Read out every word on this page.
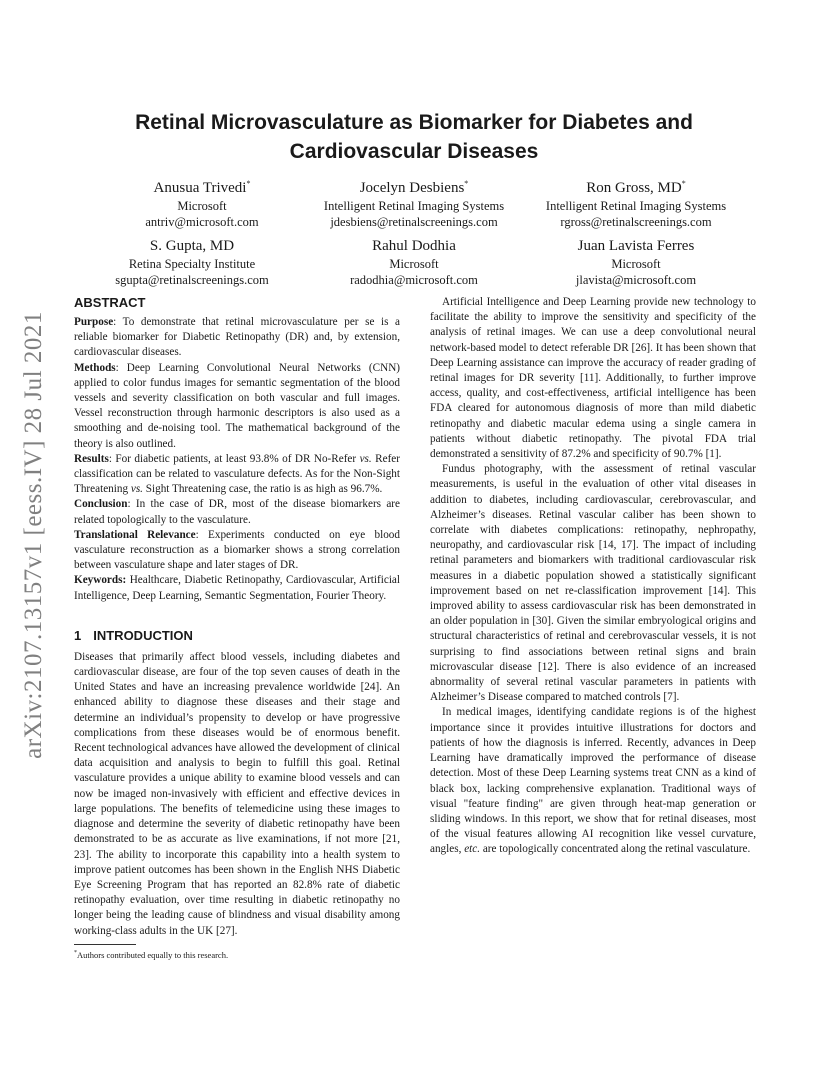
arXiv:2107.13157v1 [eess.IV] 28 Jul 2021
Retinal Microvasculature as Biomarker for Diabetes and
Cardiovascular Diseases
Anusua Trivedi*
Microsoft
antriv@microsoft.com
Jocelyn Desbiens*
Intelligent Retinal Imaging Systems
jdesbiens@retinalscreenings.com
Ron Gross, MD*
Intelligent Retinal Imaging Systems
rgross@retinalscreenings.com
S. Gupta, MD
Retina Specialty Institute
sgupta@retinalscreenings.com
Rahul Dodhia
Microsoft
radodhia@microsoft.com
Juan Lavista Ferres
Microsoft
jlavista@microsoft.com
ABSTRACT

Purpose: To demonstrate that retinal microvasculature per se is a reliable biomarker for Diabetic Retinopathy (DR) and, by extension, cardiovascular diseases.

Methods: Deep Learning Convolutional Neural Networks (CNN) applied to color fundus images for semantic segmentation of the blood vessels and severity classification on both vascular and full images. Vessel reconstruction through harmonic descriptors is also used as a smoothing and de-noising tool. The mathematical background of the theory is also outlined.

Results: For diabetic patients, at least 93.8% of DR No-Refer vs. Refer classification can be related to vasculature defects. As for the Non-Sight Threatening vs. Sight Threatening case, the ratio is as high as 96.7%.

Conclusion: In the case of DR, most of the disease biomarkers are related topologically to the vasculature.

Translational Relevance: Experiments conducted on eye blood vasculature reconstruction as a biomarker shows a strong correlation between vasculature shape and later stages of DR.

Keywords: Healthcare, Diabetic Retinopathy, Cardiovascular, Artificial Intelligence, Deep Learning, Semantic Segmentation, Fourier Theory.

1 INTRODUCTION

Diseases that primarily affect blood vessels, including diabetes and cardiovascular disease, are four of the top seven causes of death in the United States and have an increasing prevalence worldwide [24]. An enhanced ability to diagnose these diseases and their stage and determine an individual’s propensity to develop or have progressive complications from these diseases would be of enormous benefit. Recent technological advances have allowed the development of clinical data acquisition and analysis to begin to fulfill this goal. Retinal vasculature provides a unique ability to examine blood vessels and can now be imaged non-invasively with efficient and effective devices in large populations. The benefits of telemedicine using these images to diagnose and determine the severity of diabetic retinopathy have been demonstrated to be as accurate as live examinations, if not more [21, 23]. The ability to incorporate this capability into a health system to improve patient outcomes has been shown in the English NHS Diabetic Eye Screening Program that has reported an 82.8% rate of diabetic retinopathy evaluation, over time resulting in diabetic retinopathy no longer being the leading cause of blindness and visual disability among working-class adults in the UK [27].

Artificial Intelligence and Deep Learning provide new technology to facilitate the ability to improve the sensitivity and specificity of the analysis of retinal images. We can use a deep convolutional neural network-based model to detect referable DR [26]. It has been shown that Deep Learning assistance can improve the accuracy of reader grading of retinal images for DR severity [11]. Additionally, to further improve access, quality, and cost-effectiveness, artificial intelligence has been FDA cleared for autonomous diagnosis of more than mild diabetic retinopathy and diabetic macular edema using a single camera in patients without diabetic retinopathy. The pivotal FDA trial demonstrated a sensitivity of 87.2% and specificity of 90.7% [1].

Fundus photography, with the assessment of retinal vascular measurements, is useful in the evaluation of other vital diseases in addition to diabetes, including cardiovascular, cerebrovascular, and Alzheimer’s diseases. Retinal vascular caliber has been shown to correlate with diabetes complications: retinopathy, nephropathy, neuropathy, and cardiovascular risk [14, 17]. The impact of including retinal parameters and biomarkers with traditional cardiovascular risk measures in a diabetic population showed a statistically significant improvement based on net re-classification improvement [14]. This improved ability to assess cardiovascular risk has been demonstrated in an older population in [30]. Given the similar embryological origins and structural characteristics of retinal and cerebrovascular vessels, it is not surprising to find associations between retinal signs and brain microvascular disease [12]. There is also evidence of an increased abnormality of several retinal vascular parameters in patients with Alzheimer’s Disease compared to matched controls [7].

In medical images, identifying candidate regions is of the highest importance since it provides intuitive illustrations for doctors and patients of how the diagnosis is inferred. Recently, advances in Deep Learning have dramatically improved the performance of disease detection. Most of these Deep Learning systems treat CNN as a kind of black box, lacking comprehensive explanation. Traditional ways of visual "feature finding" are given through heat-map generation or sliding windows. In this report, we show that for retinal diseases, most of the visual features allowing AI recognition like vessel curvature, angles, etc. are topologically concentrated along the retinal vasculature.

*Authors contributed equally to this research.
